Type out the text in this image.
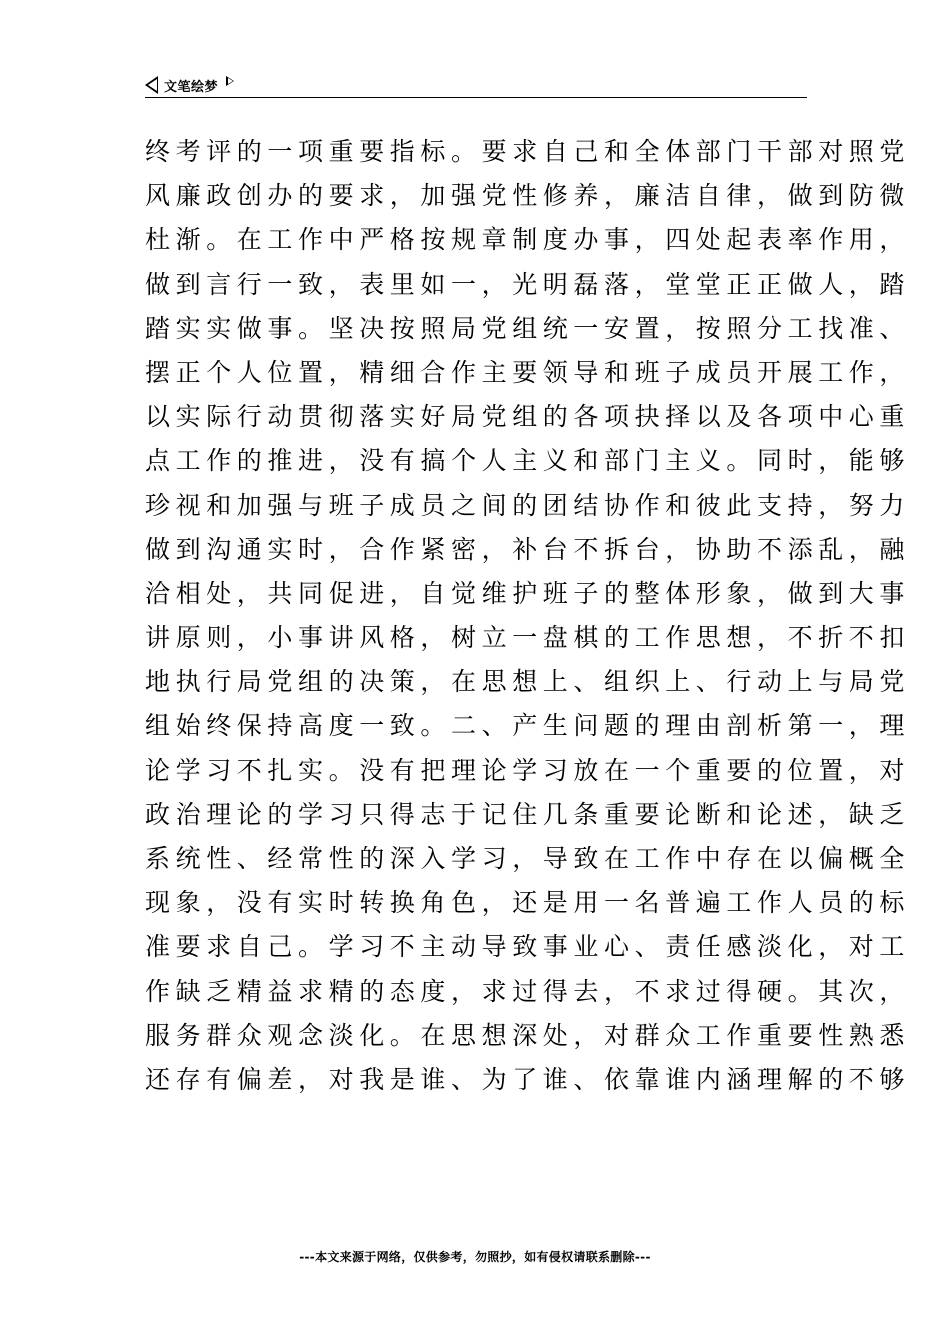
文笔绘梦
终考评的一项重要指标。要求自己和全体部门干部对照党
风廉政创办的要求，加强党性修养，廉洁自律，做到防微
杜渐。在工作中严格按规章制度办事，四处起表率作用，
做到言行一致，表里如一，光明磊落，堂堂正正做人，踏
踏实实做事。坚决按照局党组统一安置，按照分工找准、
摆正个人位置，精细合作主要领导和班子成员开展工作，
以实际行动贯彻落实好局党组的各项抉择以及各项中心重
点工作的推进，没有搞个人主义和部门主义。同时，能够
珍视和加强与班子成员之间的团结协作和彼此支持，努力
做到沟通实时，合作紧密，补台不拆台，协助不添乱，融
洽相处，共同促进，自觉维护班子的整体形象，做到大事
讲原则，小事讲风格，树立一盘棋的工作思想，不折不扣
地执行局党组的决策，在思想上、组织上、行动上与局党
组始终保持高度一致。二、产生问题的理由剖析第一，理
论学习不扎实。没有把理论学习放在一个重要的位置，对
政治理论的学习只得志于记住几条重要论断和论述，缺乏
系统性、经常性的深入学习，导致在工作中存在以偏概全
现象，没有实时转换角色，还是用一名普遍工作人员的标
准要求自己。学习不主动导致事业心、责任感淡化，对工
作缺乏精益求精的态度，求过得去，不求过得硬。其次，
服务群众观念淡化。在思想深处，对群众工作重要性熟悉
还存有偏差，对我是谁、为了谁、依靠谁内涵理解的不够
---本文来源于网络，仅供参考，勿照抄，如有侵权请联系删除---
